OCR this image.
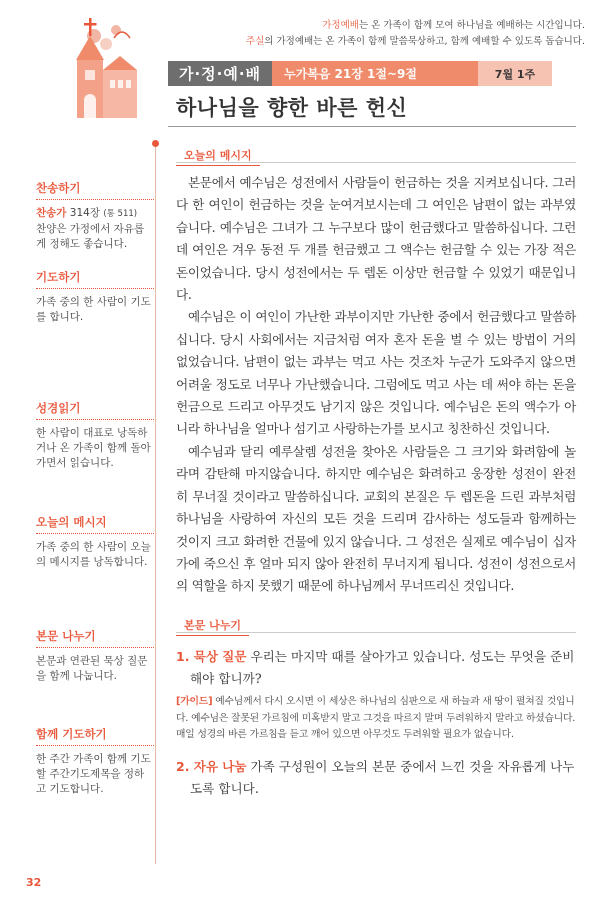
가정예배는 온 가족이 함께 모여 하나님을 예배하는 시간입니다.
주실의 가정예배는 온 가족이 함께 말씀묵상하고, 함께 예배할 수 있도록 돕습니다.
가·정·예·배	누가복음 21장 1절~9절	7월 1주
하나님을 향한 바른 헌신
찬송하기
찬송가 314장 (통 511)
찬양은 가정에서 자유롭게 정해도 좋습니다.
기도하기
가족 중의 한 사람이 기도를 합니다.
성경읽기
한 사람이 대표로 낭독하거나 온 가족이 함께 돌아가면서 읽습니다.
오늘의 메시지
가족 중의 한 사람이 오늘의 메시지를 낭독합니다.
본문 나누기
본문과 연관된 묵상 질문을 함께 나눕니다.
함께 기도하기
한 주간 가족이 함께 기도할 주간기도제목을 정하고 기도합니다.
오늘의 메시지

본문에서 예수님은 성전에서 사람들이 헌금하는 것을 지켜보십니다. 그러다 한 여인이 헌금하는 것을 눈여겨보시는데 그 여인은 남편이 없는 과부였습니다. 예수님은 그녀가 그 누구보다 많이 헌금했다고 말씀하십니다. 그런데 여인은 겨우 동전 두 개를 헌금했고 그 액수는 헌금할 수 있는 가장 적은 돈이었습니다. 당시 성전에서는 두 렙돈 이상만 헌금할 수 있었기 때문입니다.

예수님은 이 여인이 가난한 과부이지만 가난한 중에서 헌금했다고 말씀하십니다. 당시 사회에서는 지금처럼 여자 혼자 돈을 벌 수 있는 방법이 거의 없었습니다. 남편이 없는 과부는 먹고 사는 것조차 누군가 도와주지 않으면 어려울 정도로 너무나 가난했습니다. 그럼에도 먹고 사는 데 써야 하는 돈을 헌금으로 드리고 아무것도 남기지 않은 것입니다. 예수님은 돈의 액수가 아니라 하나님을 얼마나 섬기고 사랑하는가를 보시고 칭찬하신 것입니다.

예수님과 달리 예루살렘 성전을 찾아온 사람들은 그 크기와 화려함에 놀라며 감탄해 마지않습니다. 하지만 예수님은 화려하고 웅장한 성전이 완전히 무너질 것이라고 말씀하십니다. 교회의 본질은 두 렙돈을 드린 과부처럼 하나님을 사랑하여 자신의 모든 것을 드리며 감사하는 성도들과 함께하는 것이지 크고 화려한 건물에 있지 않습니다. 그 성전은 실제로 예수님이 십자가에 죽으신 후 얼마 되지 않아 완전히 무너지게 됩니다. 성전이 성전으로서의 역할을 하지 못했기 때문에 하나님께서 무너뜨리신 것입니다.

본문 나누기
1. 묵상 질문 우리는 마지막 때를 살아가고 있습니다. 성도는 무엇을 준비해야 합니까?
[가이드] 예수님께서 다시 오시면 이 세상은 하나님의 심판으로 새 하늘과 새 땅이 펼쳐질 것입니다. 예수님은 잘못된 가르침에 미혹받지 말고 그것을 따르지 말며 두려워하지 말라고 하셨습니다. 매일 성경의 바른 가르침을 듣고 깨어 있으면 아무것도 두려워할 필요가 없습니다.
2. 자유 나눔 가족 구성원이 오늘의 본문 중에서 느낀 것을 자유롭게 나누도록 합니다.
32
